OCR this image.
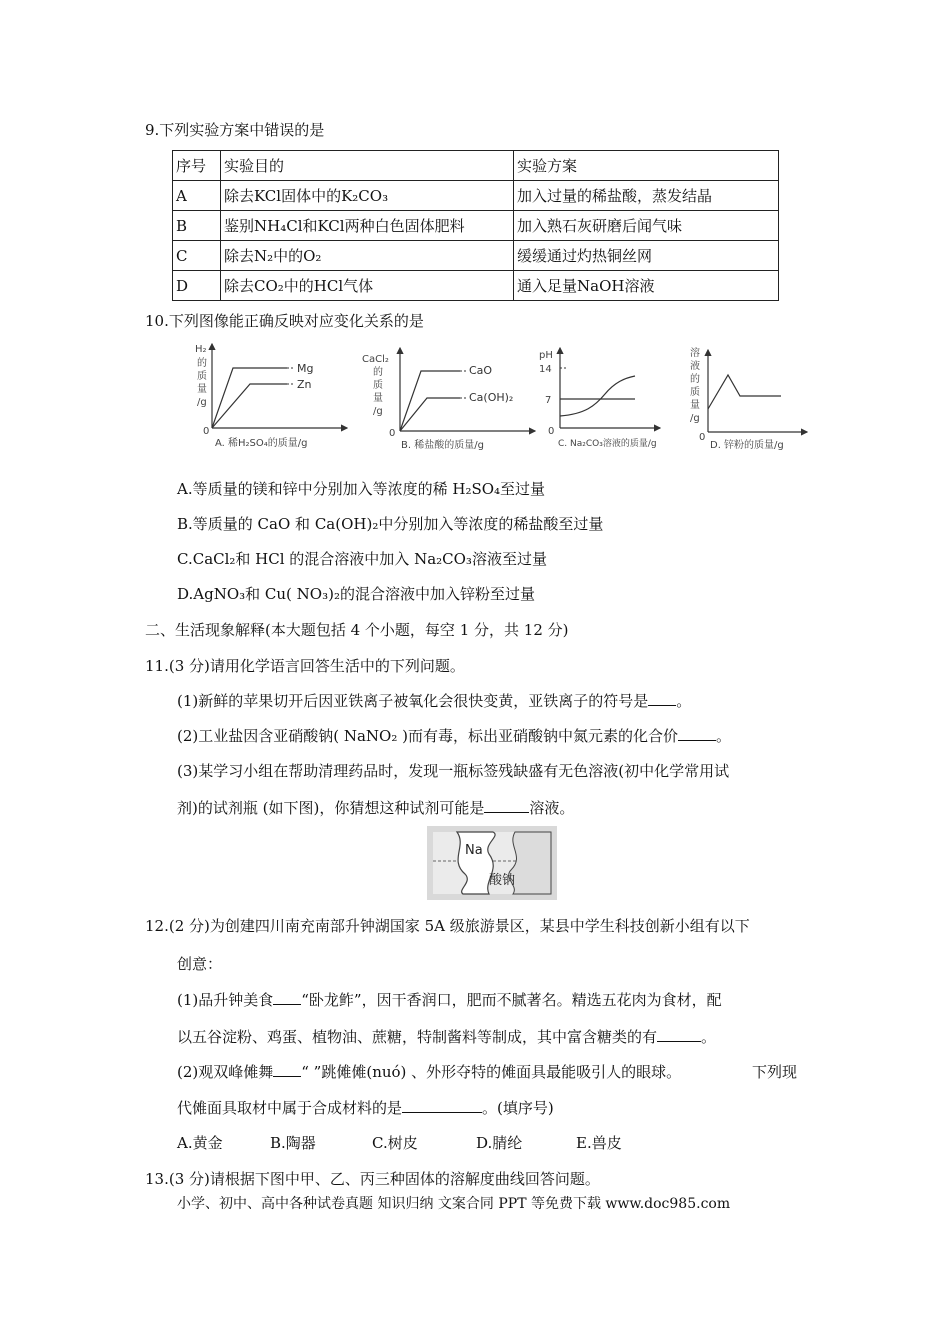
9.下列实验方案中错误的是
序号	实验目的	实验方案
A	除去KCl固体中的K₂CO₃	加入过量的稀盐酸，蒸发结晶
B	鉴别NH₄Cl和KCl两种白色固体肥料	加入熟石灰研磨后闻气味
C	除去N₂中的O₂	缓缓通过灼热铜丝网
D	除去CO₂中的HCl气体	通入足量NaOH溶液
10.下列图像能正确反映对应变化关系的是
H₂
的
质
量
/g
0
Mg
Zn
A. 稀H₂SO₄的质量/g
CaCl₂
的
质
量
/g
0
CaO
Ca(OH)₂
B. 稀盐酸的质量/g
pH
14
7
0
C. Na₂CO₃溶液的质量/g
溶
液
的
质
量
/g
0
D. 锌粉的质量/g
A.等质量的镁和锌中分别加入等浓度的稀 H₂SO₄至过量
B.等质量的 CaO 和 Ca(OH)₂中分别加入等浓度的稀盐酸至过量
C.CaCl₂和 HCl 的混合溶液中加入 Na₂CO₃溶液至过量
D.AgNO₃和 Cu( NO₃)₂的混合溶液中加入锌粉至过量
二、生活现象解释(本大题包括 4 个小题，每空 1 分，共 12 分)
11.(3 分)请用化学语言回答生活中的下列问题。
(1)新鲜的苹果切开后因亚铁离子被氧化会很快变黄，亚铁离子的符号是 。
(2)工业盐因含亚硝酸钠( NaNO₂ )而有毒，标出亚硝酸钠中氮元素的化合价	。
(3)某学习小组在帮助清理药品时，发现一瓶标签残缺盛有无色溶液(初中化学常用试
剂)的试剂瓶 (如下图)，你猜想这种试剂可能是	溶液。
Na
酸钠
12.(2 分)为创建四川南充南部升钟湖国家 5A 级旅游景区，某县中学生科技创新小组有以下
创意：
(1)品升钟美食 “卧龙鲊”，因干香润口，肥而不腻著名。精选五花肉为食材，配
以五谷淀粉、鸡蛋、植物油、蔗糖，特制酱料等制成，其中富含糖类的有	。
(2)观双峰傩舞 “ ”跳傩傩(nuó) 、外形夺特的傩面具最能吸引人的眼球。	下列现
代傩面具取材中属于合成材料的是	。(填序号)
A.黄金	B.陶器	C.树皮	D.腈纶	E.兽皮
13.(3 分)请根据下图中甲、乙、丙三种固体的溶解度曲线回答问题。
小学、初中、高中各种试卷真题 知识归纳 文案合同 PPT 等免费下载 www.doc985.com
